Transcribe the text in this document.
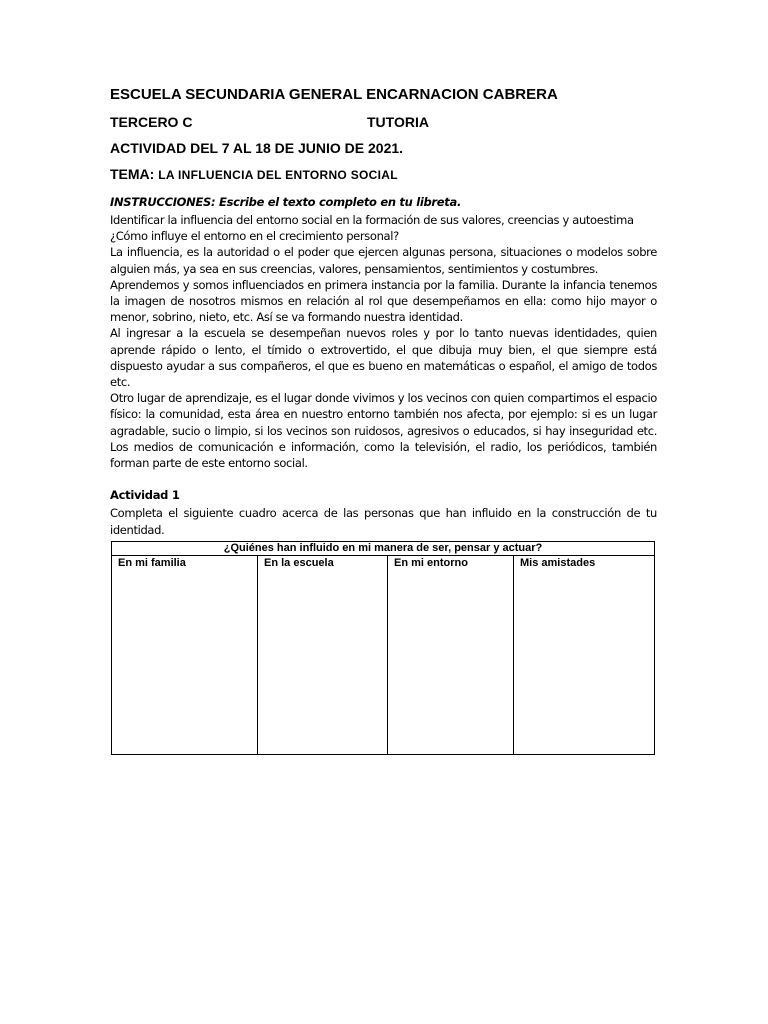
ESCUELA SECUNDARIA GENERAL ENCARNACION CABRERA
TERCERO C	TUTORIA
ACTIVIDAD DEL 7 AL 18 DE JUNIO DE 2021.
TEMA: LA INFLUENCIA DEL ENTORNO SOCIAL
INSTRUCCIONES: Escribe el texto completo en tu libreta.

Identificar la influencia del entorno social en la formación de sus valores, creencias y autoestima

¿Cómo influye el entorno en el crecimiento personal?

La influencia, es la autoridad o el poder que ejercen algunas persona, situaciones o modelos sobre alguien más, ya sea en sus creencias, valores, pensamientos, sentimientos y costumbres.

Aprendemos y somos influenciados en primera instancia por la familia. Durante la infancia tenemos la imagen de nosotros mismos en relación al rol que desempeñamos en ella: como hijo mayor o menor, sobrino, nieto, etc. Así se va formando nuestra identidad.

Al ingresar a la escuela se desempeñan nuevos roles y por lo tanto nuevas identidades, quien aprende rápido o lento, el tímido o extrovertido, el que dibuja muy bien, el que siempre está dispuesto ayudar a sus compañeros, el que es bueno en matemáticas o español, el amigo de todos etc.

Otro lugar de aprendizaje, es el lugar donde vivimos y los vecinos con quien compartimos el espacio físico: la comunidad, esta área en nuestro entorno también nos afecta, por ejemplo: si es un lugar agradable, sucio o limpio, si los vecinos son ruidosos, agresivos o educados, si hay inseguridad etc. Los medios de comunicación e información, como la televisión, el radio, los periódicos, también forman parte de este entorno social.

Actividad 1

Completa el siguiente cuadro acerca de las personas que han influido en la construcción de tu identidad.

¿Quiénes han influido en mi manera de ser, pensar y actuar?
En mi familia	En la escuela	En mi entorno	Mis amistades
